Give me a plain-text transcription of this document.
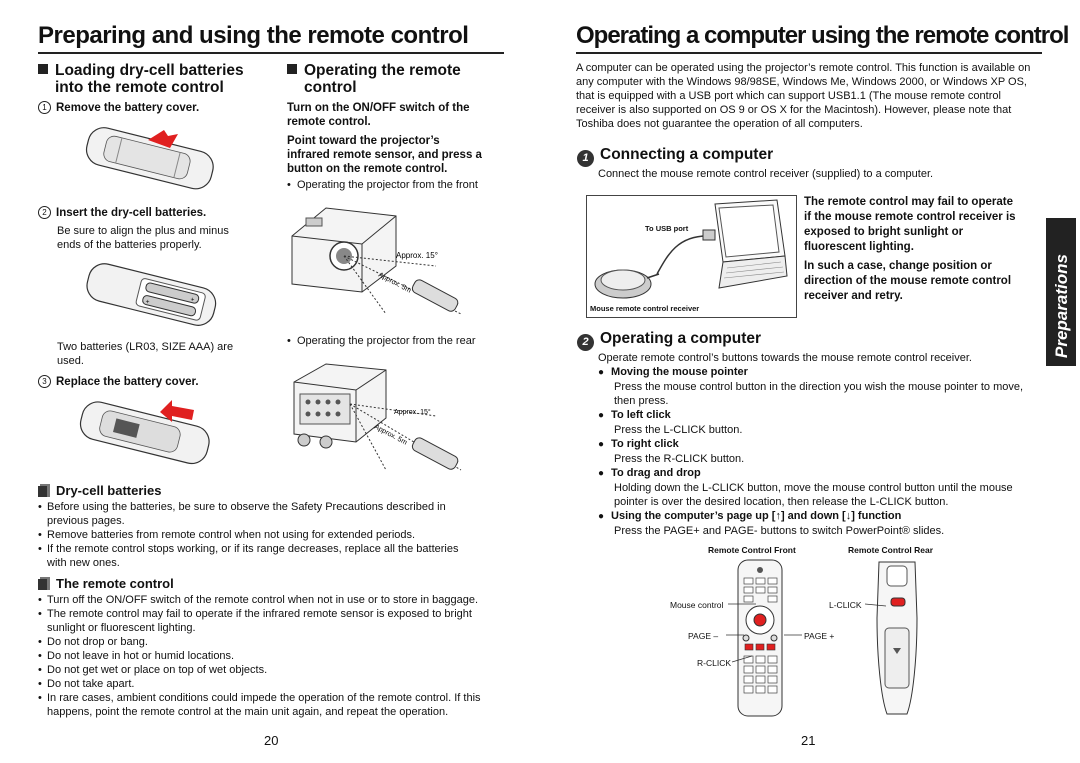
Preparing and using the remote control
Loading dry-cell batteries
into the remote control
1 Remove the battery cover.
2 Insert the dry-cell batteries.
Be sure to align the plus and minus
ends of the batteries properly.
+
+
Two batteries (LR03, SIZE AAA) are
used.
3 Replace the battery cover.
Operating the remote
control
Turn on the ON/OFF switch of the
remote control.
Point toward the projector’s
infrared remote sensor, and press a
button on the remote control.
•  Operating the projector from the front
Approx. 15°
Approx. 5m
•  Operating the projector from the rear
Approx. 15°
Approx. 5m
Dry-cell batteries

• Before using the batteries, be sure to observe the Safety Precautions described in previous pages.

• Remove batteries from remote control when not using for extended periods.

• If the remote control stops working, or if its range decreases, replace all the batteries with new ones.

The remote control

• Turn off the ON/OFF switch of the remote control when not in use or to store in baggage.

• The remote control may fail to operate if the infrared remote sensor is exposed to bright sunlight or fluorescent lighting.

• Do not drop or bang.

• Do not leave in hot or humid locations.

• Do not get wet or place on top of wet objects.

• Do not take apart.

• In rare cases, ambient conditions could impede the operation of the remote control. If this happens, point the remote control at the main unit again, and repeat the operation.

20
Operating a computer using the remote control
A computer can be operated using the projector’s remote control. This function is available on any computer with the Windows 98/98SE, Windows Me, Windows 2000, or Windows XP OS, that is equipped with a USB port which can support USB1.1 (The mouse remote control receiver is also supported on OS 9 or OS X for the Macintosh). However, please note that Toshiba does not guarantee the operation of all computers.
1 Connecting a computer
Connect the mouse remote control receiver (supplied) to a computer.
To USB port
Mouse remote control receiver
The remote control may fail to operate
if the mouse remote control receiver is
exposed to bright sunlight or
fluorescent lighting.
In such a case, change position or
direction of the mouse remote control
receiver and retry.	Preparations
2 Operating a computer
Operate remote control’s buttons towards the mouse remote control receiver.
● Moving the mouse pointer
Press the mouse control button in the direction you wish the mouse pointer to move,
then press.
● To left click
Press the L-CLICK button.
● To right click
Press the R-CLICK button.
● To drag and drop
Holding down the L-CLICK button, move the mouse control button until the mouse
pointer is over the desired location, then release the L-CLICK button.
● Using the computer’s page up [↑] and down [↓] function
Press the PAGE+ and PAGE- buttons to switch PowerPoint® slides.
Remote Control Front	Remote Control Rear
Mouse control
PAGE –
R-CLICK
L-CLICK
PAGE +
21
